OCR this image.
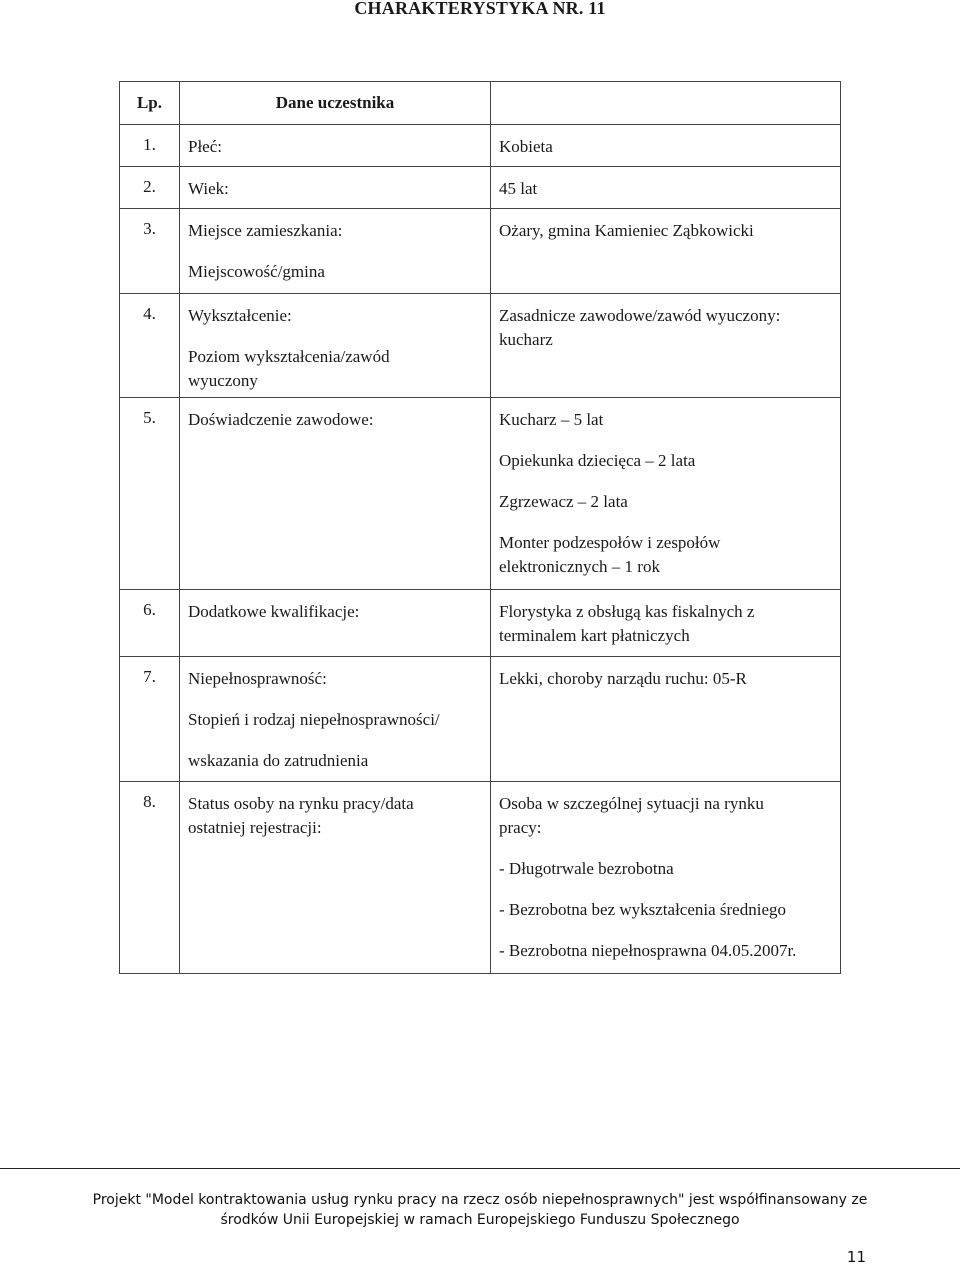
CHARAKTERYSTYKA NR. 11
Lp.	Dane uczestnika	
1.	Płeć:	Kobieta

2.	Wiek:	45 lat

3.	Miejsce zamieszkania:
Miejscowość/gmina	Ożary, gmina Kamieniec Ząbkowicki

4.	Wykształcenie:
Poziom wykształcenia/zawód
wyuczony	Zasadnicze zawodowe/zawód wyuczony:
kucharz

5.	Doświadczenie zawodowe:	Kucharz – 5 lat
Opiekunka dziecięca – 2 lata
Zgrzewacz – 2 lata
Monter podzespołów i zespołów
elektronicznych – 1 rok

6.	Dodatkowe kwalifikacje:	Florystyka z obsługą kas fiskalnych z
terminalem kart płatniczych

7.	Niepełnosprawność:
Stopień i rodzaj niepełnosprawności/
wskazania do zatrudnienia	Lekki, choroby narządu ruchu: 05-R

8.	Status osoby na rynku pracy/data
ostatniej rejestracji:	Osoba w szczególnej sytuacji na rynku
pracy:
- Długotrwale bezrobotna
- Bezrobotna bez wykształcenia średniego
- Bezrobotna niepełnosprawna 04.05.2007r.
Projekt "Model kontraktowania usług rynku pracy na rzecz osób niepełnosprawnych" jest współfinansowany ze
środków Unii Europejskiej w ramach Europejskiego Funduszu Społecznego
11
